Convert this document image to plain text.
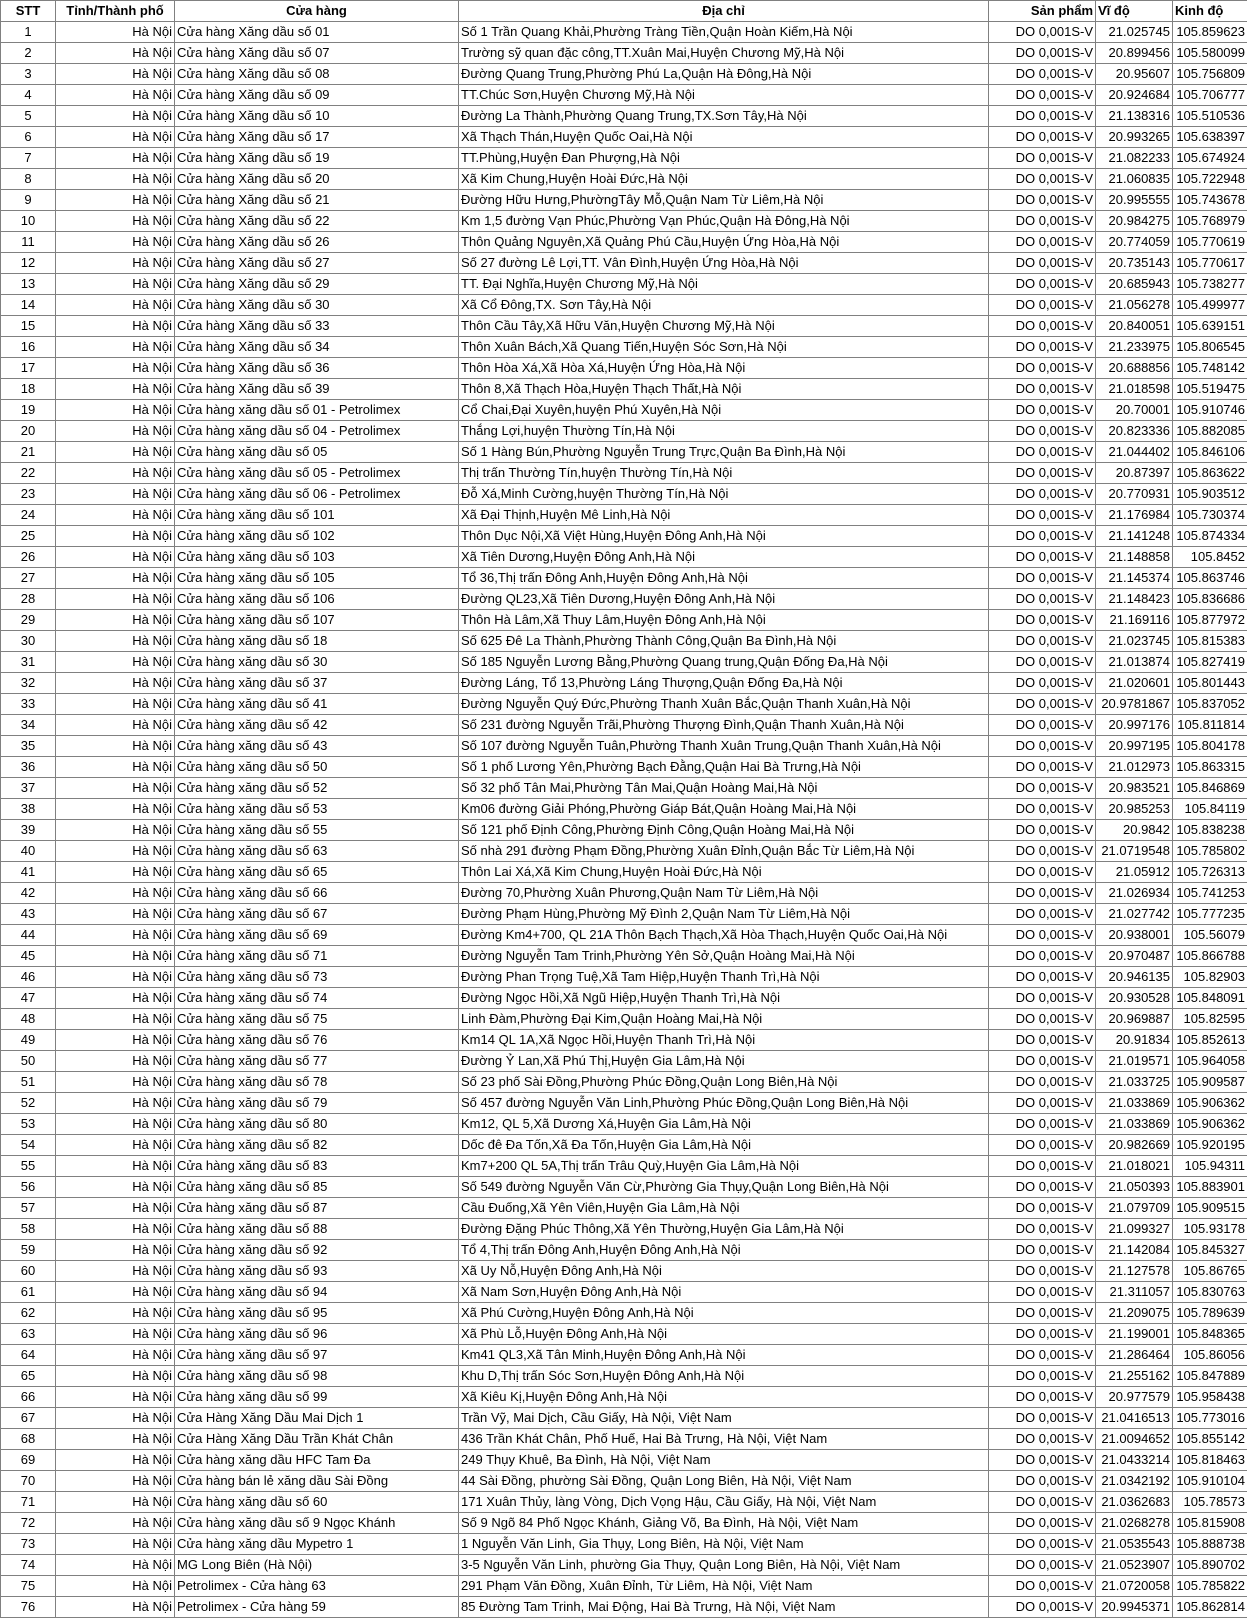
STT	Tỉnh/Thành phố	Cửa hàng	Địa chỉ	Sản phẩm	Vĩ độ	Kinh độ
1	Hà Nội	Cửa hàng Xăng dầu số 01	Số 1 Trần Quang Khải,Phường Tràng Tiền,Quận Hoàn Kiếm,Hà Nội	DO 0,001S-V	21.025745	105.859623
2	Hà Nội	Cửa hàng Xăng dầu số 07	Trường sỹ quan đặc công,TT.Xuân Mai,Huyện Chương Mỹ,Hà Nội	DO 0,001S-V	20.899456	105.580099
3	Hà Nội	Cửa hàng Xăng dầu số 08	Đường Quang Trung,Phường Phú La,Quận Hà Đông,Hà Nội	DO 0,001S-V	20.95607	105.756809
4	Hà Nội	Cửa hàng Xăng dầu số 09	TT.Chúc Sơn,Huyện Chương Mỹ,Hà Nội	DO 0,001S-V	20.924684	105.706777
5	Hà Nội	Cửa hàng Xăng dầu số 10	Đường La Thành,Phường Quang Trung,TX.Sơn Tây,Hà Nội	DO 0,001S-V	21.138316	105.510536
6	Hà Nội	Cửa hàng Xăng dầu số 17	Xã Thạch Thán,Huyện Quốc Oai,Hà Nội	DO 0,001S-V	20.993265	105.638397
7	Hà Nội	Cửa hàng Xăng dầu số 19	TT.Phùng,Huyện Đan Phượng,Hà Nội	DO 0,001S-V	21.082233	105.674924
8	Hà Nội	Cửa hàng Xăng dầu số 20	Xã Kim Chung,Huyện Hoài Đức,Hà Nội	DO 0,001S-V	21.060835	105.722948
9	Hà Nội	Cửa hàng Xăng dầu số 21	Đường Hữu Hưng,PhườngTây Mỗ,Quận Nam Từ Liêm,Hà Nội	DO 0,001S-V	20.995555	105.743678
10	Hà Nội	Cửa hàng Xăng dầu số 22	Km 1,5 đường Vạn Phúc,Phường Vạn Phúc,Quận Hà Đông,Hà Nội	DO 0,001S-V	20.984275	105.768979
11	Hà Nội	Cửa hàng Xăng dầu số 26	Thôn Quảng Nguyên,Xã Quảng Phú Cầu,Huyện Ứng Hòa,Hà Nội	DO 0,001S-V	20.774059	105.770619
12	Hà Nội	Cửa hàng Xăng dầu số 27	Số 27 đường Lê Lợi,TT. Vân Đình,Huyện Ứng Hòa,Hà Nội	DO 0,001S-V	20.735143	105.770617
13	Hà Nội	Cửa hàng Xăng dầu số 29	TT. Đại Nghĩa,Huyện Chương Mỹ,Hà Nội	DO 0,001S-V	20.685943	105.738277
14	Hà Nội	Cửa hàng Xăng dầu số 30	Xã Cổ Đông,TX. Sơn Tây,Hà Nội	DO 0,001S-V	21.056278	105.499977
15	Hà Nội	Cửa hàng Xăng dầu số 33	Thôn Cầu Tây,Xã Hữu Văn,Huyện Chương Mỹ,Hà Nội	DO 0,001S-V	20.840051	105.639151
16	Hà Nội	Cửa hàng Xăng dầu số 34	Thôn Xuân Bách,Xã Quang Tiến,Huyện Sóc Sơn,Hà Nội	DO 0,001S-V	21.233975	105.806545
17	Hà Nội	Cửa hàng Xăng dầu số 36	Thôn Hòa Xá,Xã Hòa Xá,Huyện Ứng Hòa,Hà Nội	DO 0,001S-V	20.688856	105.748142
18	Hà Nội	Cửa hàng Xăng dầu số 39	Thôn 8,Xã Thạch Hòa,Huyện Thạch Thất,Hà Nội	DO 0,001S-V	21.018598	105.519475
19	Hà Nội	Cửa hàng xăng dầu số 01 - Petrolimex	Cổ Chai,Đại Xuyên,huyện Phú Xuyên,Hà Nội	DO 0,001S-V	20.70001	105.910746
20	Hà Nội	Cửa hàng xăng dầu số 04 - Petrolimex	Thắng Lợi,huyện Thường Tín,Hà Nội	DO 0,001S-V	20.823336	105.882085
21	Hà Nội	Cửa hàng xăng dầu số 05	Số 1 Hàng Bún,Phường Nguyễn Trung Trực,Quận Ba Đình,Hà Nội	DO 0,001S-V	21.044402	105.846106
22	Hà Nội	Cửa hàng xăng dầu số 05 - Petrolimex	Thị trấn Thường Tín,huyện Thường Tín,Hà Nội	DO 0,001S-V	20.87397	105.863622
23	Hà Nội	Cửa hàng xăng dầu số 06 - Petrolimex	Đỗ Xá,Minh Cường,huyện Thường Tín,Hà Nội	DO 0,001S-V	20.770931	105.903512
24	Hà Nội	Cửa hàng xăng dầu số 101	Xã Đại Thịnh,Huyện Mê Linh,Hà Nội	DO 0,001S-V	21.176984	105.730374
25	Hà Nội	Cửa hàng xăng dầu số 102	Thôn Dục Nội,Xã Việt Hùng,Huyện Đông Anh,Hà Nội	DO 0,001S-V	21.141248	105.874334
26	Hà Nội	Cửa hàng xăng dầu số 103	Xã Tiên Dương,Huyện Đông Anh,Hà Nội	DO 0,001S-V	21.148858	105.8452
27	Hà Nội	Cửa hàng xăng dầu số 105	Tổ 36,Thị trấn Đông Anh,Huyện Đông Anh,Hà Nội	DO 0,001S-V	21.145374	105.863746
28	Hà Nội	Cửa hàng xăng dầu số 106	Đường QL23,Xã Tiên Dương,Huyện Đông Anh,Hà Nội	DO 0,001S-V	21.148423	105.836686
29	Hà Nội	Cửa hàng xăng dầu số 107	Thôn Hà Lâm,Xã Thuy Lâm,Huyện Đông Anh,Hà Nội	DO 0,001S-V	21.169116	105.877972
30	Hà Nội	Cửa hàng xăng dầu số 18	Số 625 Đê La Thành,Phường Thành Công,Quận Ba Đình,Hà Nội	DO 0,001S-V	21.023745	105.815383
31	Hà Nội	Cửa hàng xăng dầu số 30	Số 185 Nguyễn Lương Bằng,Phường Quang trung,Quận Đống Đa,Hà Nội	DO 0,001S-V	21.013874	105.827419
32	Hà Nội	Cửa hàng xăng dầu số 37	Đường Láng, Tổ 13,Phường Láng Thượng,Quận Đống Đa,Hà Nội	DO 0,001S-V	21.020601	105.801443
33	Hà Nội	Cửa hàng xăng dầu số 41	Đường Nguyễn Quý Đức,Phường Thanh Xuân Bắc,Quận Thanh Xuân,Hà Nội	DO 0,001S-V	20.9781867	105.837052
34	Hà Nội	Cửa hàng xăng dầu số 42	Số 231 đường Nguyễn Trãi,Phường Thượng Đình,Quận Thanh Xuân,Hà Nội	DO 0,001S-V	20.997176	105.811814
35	Hà Nội	Cửa hàng xăng dầu số 43	Số 107 đường Nguyễn Tuân,Phường Thanh Xuân Trung,Quận Thanh Xuân,Hà Nội	DO 0,001S-V	20.997195	105.804178
36	Hà Nội	Cửa hàng xăng dầu số 50	Số 1 phố Lương Yên,Phường Bạch Đằng,Quận Hai Bà Trưng,Hà Nội	DO 0,001S-V	21.012973	105.863315
37	Hà Nội	Cửa hàng xăng dầu số 52	Số 32 phố Tân Mai,Phường Tân Mai,Quận Hoàng Mai,Hà Nội	DO 0,001S-V	20.983521	105.846869
38	Hà Nội	Cửa hàng xăng dầu số 53	Km06 đường Giải Phóng,Phường Giáp Bát,Quận Hoàng Mai,Hà Nội	DO 0,001S-V	20.985253	105.84119
39	Hà Nội	Cửa hàng xăng dầu số 55	Số 121 phố Định Công,Phường Định Công,Quận Hoàng Mai,Hà Nội	DO 0,001S-V	20.9842	105.838238
40	Hà Nội	Cửa hàng xăng dầu số 63	Số nhà 291 đường Phạm Đồng,Phường Xuân Đỉnh,Quận Bắc Từ Liêm,Hà Nội	DO 0,001S-V	21.0719548	105.785802
41	Hà Nội	Cửa hàng xăng dầu số 65	Thôn Lai Xá,Xã Kim Chung,Huyện Hoài Đức,Hà Nội	DO 0,001S-V	21.05912	105.726313
42	Hà Nội	Cửa hàng xăng dầu số 66	Đường 70,Phường Xuân Phương,Quận Nam Từ Liêm,Hà Nội	DO 0,001S-V	21.026934	105.741253
43	Hà Nội	Cửa hàng xăng dầu số 67	Đường Phạm Hùng,Phường Mỹ Đình 2,Quận Nam Từ Liêm,Hà Nội	DO 0,001S-V	21.027742	105.777235
44	Hà Nội	Cửa hàng xăng dầu số 69	Đường Km4+700, QL 21A Thôn Bạch Thạch,Xã Hòa Thạch,Huyện Quốc Oai,Hà Nội	DO 0,001S-V	20.938001	105.56079
45	Hà Nội	Cửa hàng xăng dầu số 71	Đường Nguyễn Tam Trinh,Phường Yên Sở,Quận Hoàng Mai,Hà Nội	DO 0,001S-V	20.970487	105.866788
46	Hà Nội	Cửa hàng xăng dầu số 73	Đường Phan Trọng Tuệ,Xã Tam Hiệp,Huyện Thanh Trì,Hà Nội	DO 0,001S-V	20.946135	105.82903
47	Hà Nội	Cửa hàng xăng dầu số 74	Đường Ngọc Hồi,Xã Ngũ Hiệp,Huyện Thanh Trì,Hà Nội	DO 0,001S-V	20.930528	105.848091
48	Hà Nội	Cửa hàng xăng dầu số 75	Linh Đàm,Phường Đại Kim,Quận Hoàng Mai,Hà Nội	DO 0,001S-V	20.969887	105.82595
49	Hà Nội	Cửa hàng xăng dầu số 76	Km14 QL 1A,Xã Ngọc Hồi,Huyện Thanh Trì,Hà Nội	DO 0,001S-V	20.91834	105.852613
50	Hà Nội	Cửa hàng xăng dầu số 77	Đường Ỷ Lan,Xã Phú Thị,Huyện Gia Lâm,Hà Nội	DO 0,001S-V	21.019571	105.964058
51	Hà Nội	Cửa hàng xăng dầu số 78	Số 23 phố Sài Đồng,Phường Phúc Đồng,Quận Long Biên,Hà Nội	DO 0,001S-V	21.033725	105.909587
52	Hà Nội	Cửa hàng xăng dầu số 79	Số 457 đường Nguyễn Văn Linh,Phường Phúc Đồng,Quận Long Biên,Hà Nội	DO 0,001S-V	21.033869	105.906362
53	Hà Nội	Cửa hàng xăng dầu số 80	Km12, QL 5,Xã Dương Xá,Huyện Gia Lâm,Hà Nội	DO 0,001S-V	21.033869	105.906362
54	Hà Nội	Cửa hàng xăng dầu số 82	Dốc đê Đa Tốn,Xã Đa Tốn,Huyện Gia Lâm,Hà Nội	DO 0,001S-V	20.982669	105.920195
55	Hà Nội	Cửa hàng xăng dầu số 83	Km7+200 QL 5A,Thị trấn Trâu Quỳ,Huyện Gia Lâm,Hà Nội	DO 0,001S-V	21.018021	105.94311
56	Hà Nội	Cửa hàng xăng dầu số 85	Số 549 đường Nguyễn Văn Cừ,Phường Gia Thụy,Quận Long Biên,Hà Nội	DO 0,001S-V	21.050393	105.883901
57	Hà Nội	Cửa hàng xăng dầu số 87	Cầu Đuống,Xã Yên Viên,Huyện Gia Lâm,Hà Nội	DO 0,001S-V	21.079709	105.909515
58	Hà Nội	Cửa hàng xăng dầu số 88	Đường Đặng Phúc Thông,Xã Yên Thường,Huyện Gia Lâm,Hà Nội	DO 0,001S-V	21.099327	105.93178
59	Hà Nội	Cửa hàng xăng dầu số 92	Tổ 4,Thị trấn Đông Anh,Huyện Đông Anh,Hà Nội	DO 0,001S-V	21.142084	105.845327
60	Hà Nội	Cửa hàng xăng dầu số 93	Xã Uy Nỗ,Huyện Đông Anh,Hà Nội	DO 0,001S-V	21.127578	105.86765
61	Hà Nội	Cửa hàng xăng dầu số 94	Xã Nam Sơn,Huyện Đông Anh,Hà Nội	DO 0,001S-V	21.311057	105.830763
62	Hà Nội	Cửa hàng xăng dầu số 95	Xã Phú Cường,Huyện Đông Anh,Hà Nội	DO 0,001S-V	21.209075	105.789639
63	Hà Nội	Cửa hàng xăng dầu số 96	Xã Phù Lỗ,Huyện Đông Anh,Hà Nội	DO 0,001S-V	21.199001	105.848365
64	Hà Nội	Cửa hàng xăng dầu số 97	Km41 QL3,Xã Tân Minh,Huyện Đông Anh,Hà Nội	DO 0,001S-V	21.286464	105.86056
65	Hà Nội	Cửa hàng xăng dầu số 98	Khu D,Thị trấn Sóc Sơn,Huyện Đông Anh,Hà Nội	DO 0,001S-V	21.255162	105.847889
66	Hà Nội	Cửa hàng xăng dầu số 99	Xã Kiêu Kị,Huyện Đông Anh,Hà Nội	DO 0,001S-V	20.977579	105.958438
67	Hà Nội	Cửa Hàng Xăng Dầu Mai Dịch 1	Trần Vỹ, Mai Dịch, Cầu Giấy, Hà Nội, Việt Nam	DO 0,001S-V	21.0416513	105.773016
68	Hà Nội	Cửa Hàng Xăng Dầu Trần Khát Chân	436 Trần Khát Chân, Phố Huế, Hai Bà Trưng, Hà Nội, Việt Nam	DO 0,001S-V	21.0094652	105.855142
69	Hà Nội	Cửa hàng xăng dầu HFC Tam Đa	249 Thụy Khuê, Ba Đình, Hà Nội, Việt Nam	DO 0,001S-V	21.0433214	105.818463
70	Hà Nội	Cửa hàng bán lẻ xăng dầu Sài Đồng	44 Sài Đồng, phường Sài Đồng, Quận Long Biên, Hà Nội, Việt Nam	DO 0,001S-V	21.0342192	105.910104
71	Hà Nội	Cửa hàng xăng dầu số 60	171 Xuân Thủy, làng Vòng, Dịch Vọng Hậu, Cầu Giấy, Hà Nội, Việt Nam	DO 0,001S-V	21.0362683	105.78573
72	Hà Nội	Cửa hàng xăng dầu số 9 Ngọc Khánh	Số 9 Ngõ 84 Phố Ngọc Khánh, Giảng Võ, Ba Đình, Hà Nội, Việt Nam	DO 0,001S-V	21.0268278	105.815908
73	Hà Nội	Cửa hàng xăng dầu Mypetro 1	1 Nguyễn Văn Linh, Gia Thụy, Long Biên, Hà Nội, Việt Nam	DO 0,001S-V	21.0535543	105.888738
74	Hà Nội	MG Long Biên (Hà Nội)	3-5 Nguyễn Văn Linh, phường Gia Thụy, Quận Long Biên, Hà Nội, Việt Nam	DO 0,001S-V	21.0523907	105.890702
75	Hà Nội	Petrolimex - Cửa hàng 63	291 Phạm Văn Đồng, Xuân Đỉnh, Từ Liêm, Hà Nội, Việt Nam	DO 0,001S-V	21.0720058	105.785822
76	Hà Nội	Petrolimex - Cửa hàng 59	85 Đường Tam Trinh, Mai Động, Hai Bà Trưng, Hà Nội, Việt Nam	DO 0,001S-V	20.9945371	105.862814
